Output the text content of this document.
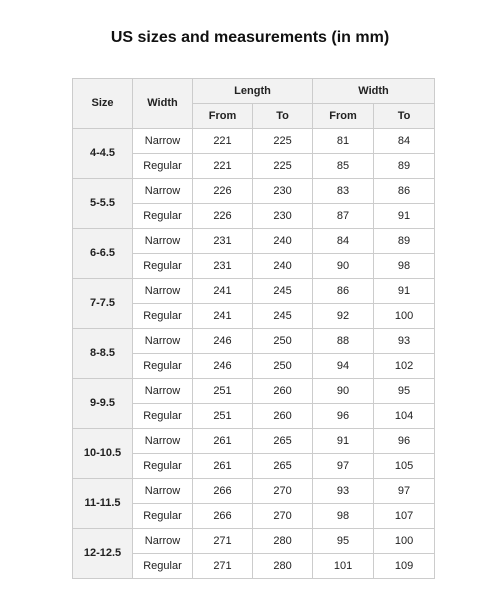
US sizes and measurements (in mm)
Size	Width	Length		Width	
		From	To	From	To
4-4.5	Narrow	221	225	81	84
	Regular	221	225	85	89
5-5.5	Narrow	226	230	83	86
	Regular	226	230	87	91
6-6.5	Narrow	231	240	84	89
	Regular	231	240	90	98
7-7.5	Narrow	241	245	86	91
	Regular	241	245	92	100
8-8.5	Narrow	246	250	88	93
	Regular	246	250	94	102
9-9.5	Narrow	251	260	90	95
	Regular	251	260	96	104
10-10.5	Narrow	261	265	91	96
	Regular	261	265	97	105
11-11.5	Narrow	266	270	93	97
	Regular	266	270	98	107
12-12.5	Narrow	271	280	95	100
	Regular	271	280	101	109
